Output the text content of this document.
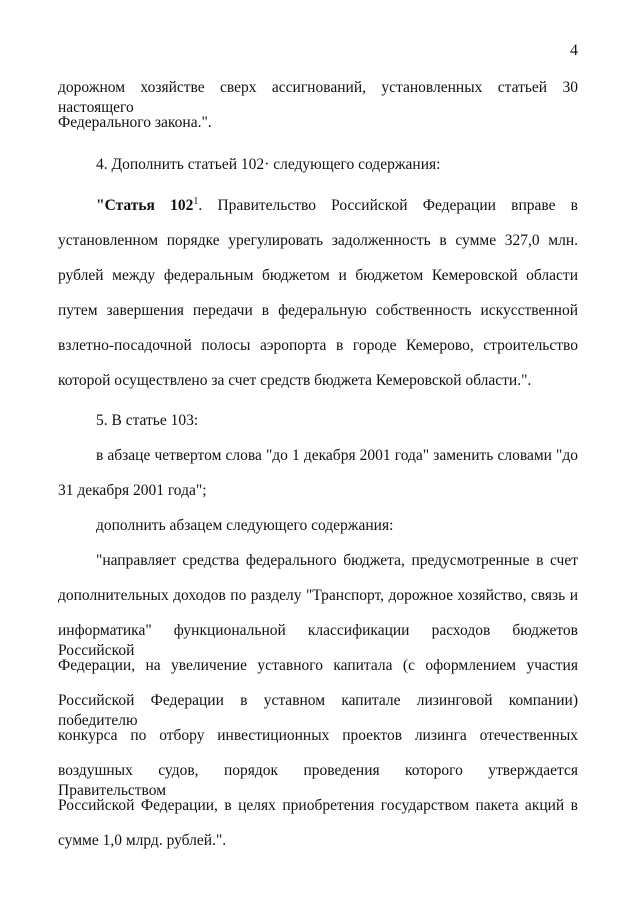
4
дорожном хозяйстве сверх ассигнований, установленных статьей 30 настоящего
Федерального закона.".
4. Дополнить статьей 102· следующего содержания:
"Статья $102^1$. Правительство Российской Федерации вправе в
установленном порядке урегулировать задолженность в сумме 327,0 млн.
рублей между федеральным бюджетом и бюджетом Кемеровской области
путем завершения передачи в федеральную собственность искусственной
взлетно-посадочной полосы аэропорта в городе Кемерово, строительство
которой осуществлено за счет средств бюджета Кемеровской области.".
5. В статье 103:
в абзаце четвертом слова "до 1 декабря 2001 года" заменить словами "до
31 декабря 2001 года";
дополнить абзацем следующего содержания:
"направляет средства федерального бюджета, предусмотренные в счет
дополнительных доходов по разделу "Транспорт, дорожное хозяйство, связь и
информатика" функциональной классификации расходов бюджетов Российской
Федерации, на увеличение уставного капитала (с оформлением участия
Российской Федерации в уставном капитале лизинговой компании) победителю
конкурса по отбору инвестиционных проектов лизинга отечественных
воздушных судов, порядок проведения которого утверждается Правительством
Российской Федерации, в целях приобретения государством пакета акций в
сумме 1,0 млрд. рублей.".
